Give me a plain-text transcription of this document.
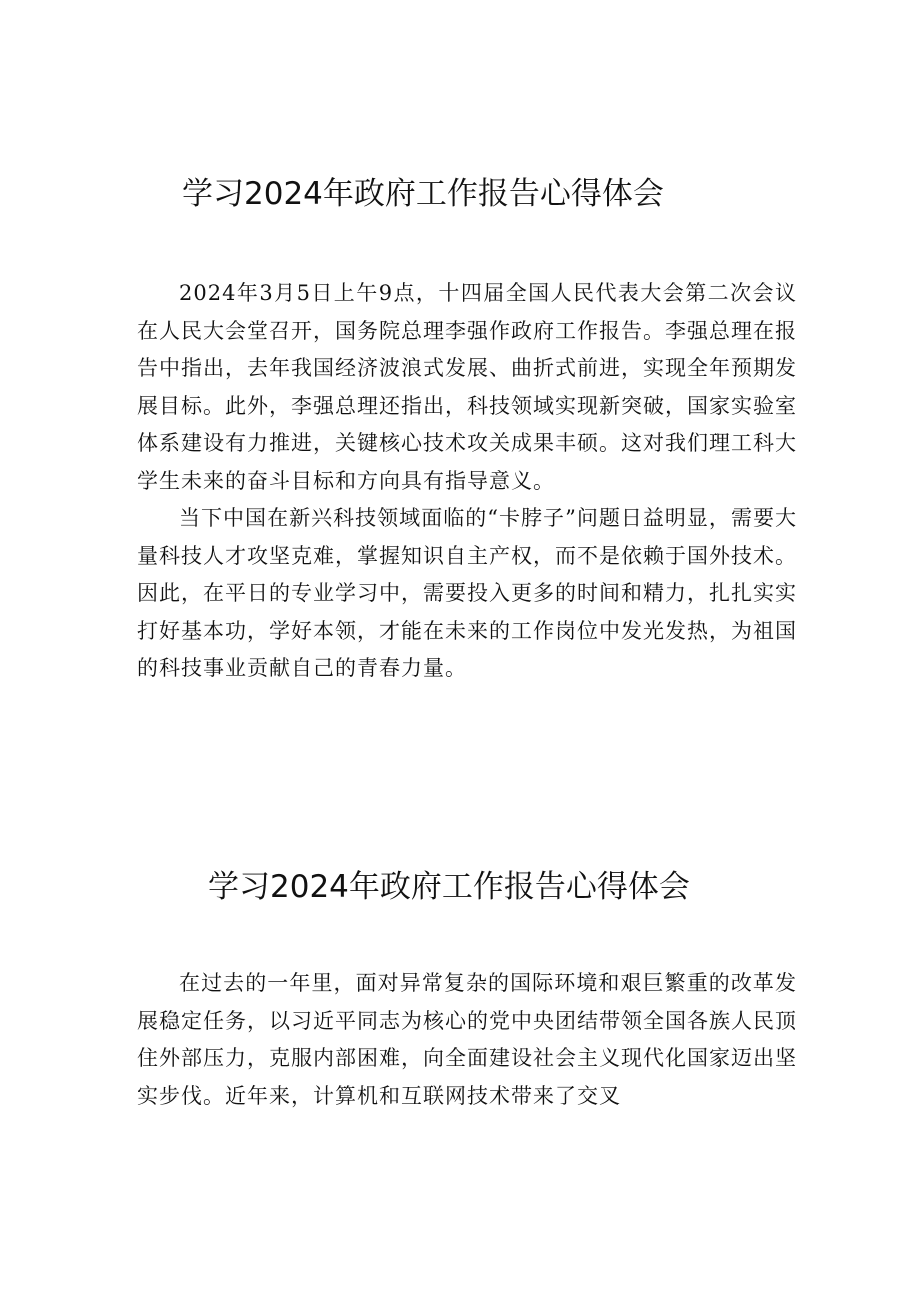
学习2024年政府工作报告心得体会

2024年3月5日上午9点，十四届全国人民代表大会第二次会议在人民大会堂召开，国务院总理李强作政府工作报告。李强总理在报告中指出，去年我国经济波浪式发展、曲折式前进，实现全年预期发展目标。此外，李强总理还指出，科技领域实现新突破，国家实验室体系建设有力推进，关键核心技术攻关成果丰硕。这对我们理工科大学生未来的奋斗目标和方向具有指导意义。

当下中国在新兴科技领域面临的“卡脖子”问题日益明显，需要大量科技人才攻坚克难，掌握知识自主产权，而不是依赖于国外技术。因此，在平日的专业学习中，需要投入更多的时间和精力，扎扎实实打好基本功，学好本领，才能在未来的工作岗位中发光发热，为祖国的科技事业贡献自己的青春力量。

学习2024年政府工作报告心得体会

在过去的一年里，面对异常复杂的国际环境和艰巨繁重的改革发展稳定任务，以习近平同志为核心的党中央团结带领全国各族人民顶住外部压力，克服内部困难，向全面建设社会主义现代化国家迈出坚实步伐。近年来，计算机和互联网技术带来了交叉
